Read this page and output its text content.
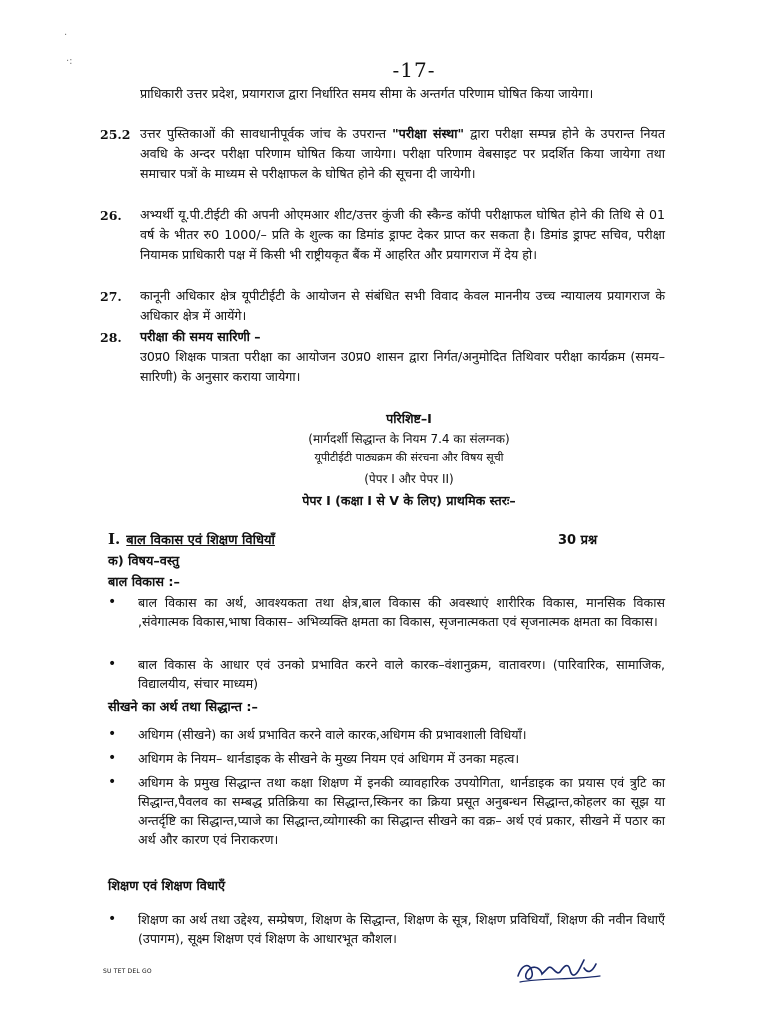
·
·:	-17-
प्राधिकारी उत्तर प्रदेश, प्रयागराज द्वारा निर्धारित समय सीमा के अन्तर्गत परिणाम घोषित किया जायेगा।
25.2 उत्तर पुस्तिकाओं की सावधानीपूर्वक जांच के उपरान्त "परीक्षा संस्था" द्वारा परीक्षा सम्पन्न होने के उपरान्त नियत अवधि के अन्दर परीक्षा परिणाम घोषित किया जायेगा। परीक्षा परिणाम वेबसाइट पर प्रदर्शित किया जायेगा तथा समाचार पत्रों के माध्यम से परीक्षाफल के घोषित होने की सूचना दी जायेगी।
26. अभ्यर्थी यू.पी.टीईटी की अपनी ओएमआर शीट/उत्तर कुंजी की स्कैन्ड कॉपी परीक्षाफल घोषित होने की तिथि से 01 वर्ष के भीतर रु0 1000/– प्रति के शुल्क का डिमांड ड्राफ्ट देकर प्राप्त कर सकता है। डिमांड ड्राफ्ट सचिव, परीक्षा नियामक प्राधिकारी पक्ष में किसी भी राष्ट्रीयकृत बैंक में आहरित और प्रयागराज में देय हो।
27. कानूनी अधिकार क्षेत्र यूपीटीईटी के आयोजन से संबंधित सभी विवाद केवल माननीय उच्च न्यायालय प्रयागराज के अधिकार क्षेत्र में आयेंगे।
28. परीक्षा की समय सारिणी –
उ0प्र0 शिक्षक पात्रता परीक्षा का आयोजन उ0प्र0 शासन द्वारा निर्गत/अनुमोदित तिथिवार परीक्षा कार्यक्रम (समय–सारिणी) के अनुसार कराया जायेगा।
परिशिष्ट–I
(मार्गदर्शी सिद्धान्त के नियम 7.4 का संलग्नक)
यूपीटीईटी पाठ्यक्रम की संरचना और विषय सूची
(पेपर I और पेपर II)
पेपर I (कक्षा I से V के लिए) प्राथमिक स्तरः–
I. बाल विकास एवं शिक्षण विधियाँ	30 प्रश्न
क) विषय–वस्तु
बाल विकास :–
•	बाल विकास का अर्थ, आवश्यकता तथा क्षेत्र,बाल विकास की अवस्थाएं शारीरिक विकास, मानसिक विकास ,संवेगात्मक विकास,भाषा विकास– अभिव्यक्ति क्षमता का विकास, सृजनात्मकता एवं सृजनात्मक क्षमता का विकास।
•	बाल विकास के आधार एवं उनको प्रभावित करने वाले कारक–वंशानुक्रम, वातावरण। (पारिवारिक, सामाजिक, विद्यालयीय, संचार माध्यम)
सीखने का अर्थ तथा सिद्धान्त :–
•	अधिगम (सीखने) का अर्थ प्रभावित करने वाले कारक,अधिगम की प्रभावशाली विधियाँ।
•	अधिगम के नियम– थार्नडाइक के सीखने के मुख्य नियम एवं अधिगम में उनका महत्व।
•	अधिगम के प्रमुख सिद्धान्त तथा कक्षा शिक्षण में इनकी व्यावहारिक उपयोगिता, थार्नडाइक का प्रयास एवं त्रुटि का सिद्धान्त,पैवलव का सम्बद्ध प्रतिक्रिया का सिद्धान्त,स्किनर का क्रिया प्रसूत अनुबन्धन सिद्धान्त,कोहलर का सूझ या अन्तर्दृष्टि का सिद्धान्त,प्याजे का सिद्धान्त,व्योगास्की का सिद्धान्त सीखने का वक्र– अर्थ एवं प्रकार, सीखने में पठार का अर्थ और कारण एवं निराकरण।
शिक्षण एवं शिक्षण विधाएँ
•	शिक्षण का अर्थ तथा उद्देश्य, सम्प्रेषण, शिक्षण के सिद्धान्त, शिक्षण के सूत्र, शिक्षण प्रविधियाँ, शिक्षण की नवीन विधाएँ (उपागम), सूक्ष्म शिक्षण एवं शिक्षण के आधारभूत कौशल।
SU TET DEL GO
